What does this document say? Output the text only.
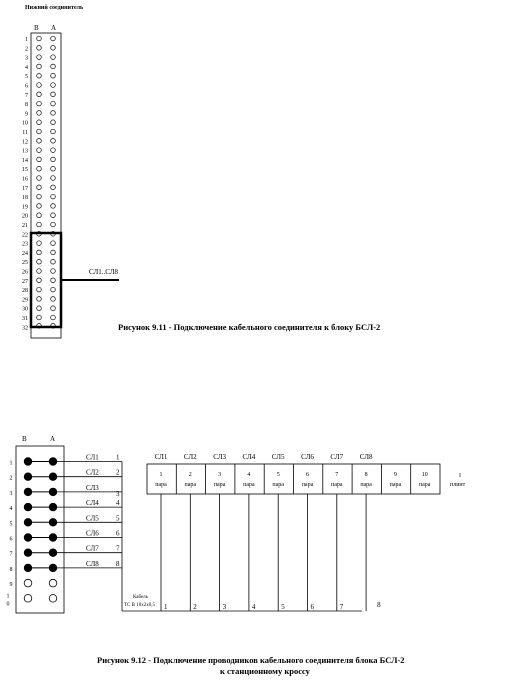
Нижний соединитель
B A
1
2
3
4
5
6
7
8
9
10
11
12
13
14
15
16
17
18
19
20
21
22
23
24
25
26
27
28
29
30
31
32
СЛ1..СЛ8
Рисунок 9.11 - Подключение кабельного соединителя к блоку БСЛ-2
B	A
1
2
3
4
5
6
7
8
9
1
0
СЛ1 1
СЛ2 2
СЛ3
3
СЛ4 4
СЛ5 5
СЛ6 6
СЛ7 7
СЛ8 8
СЛ1 СЛ2 СЛ3 СЛ4 СЛ5 СЛ6 СЛ7 СЛ8
1
пара
2
пара
3
пара
4
пара
5
пара
6
пара
7
пара
8
пара
9
пара
10
пара
I
плинт
Кабель
ТС В 10х2х0,5 1	2	3	4	5	6	7	8
Рисунок 9.12 - Подключение проводников кабельного соединителя блока БСЛ-2
к станционному кроссу
